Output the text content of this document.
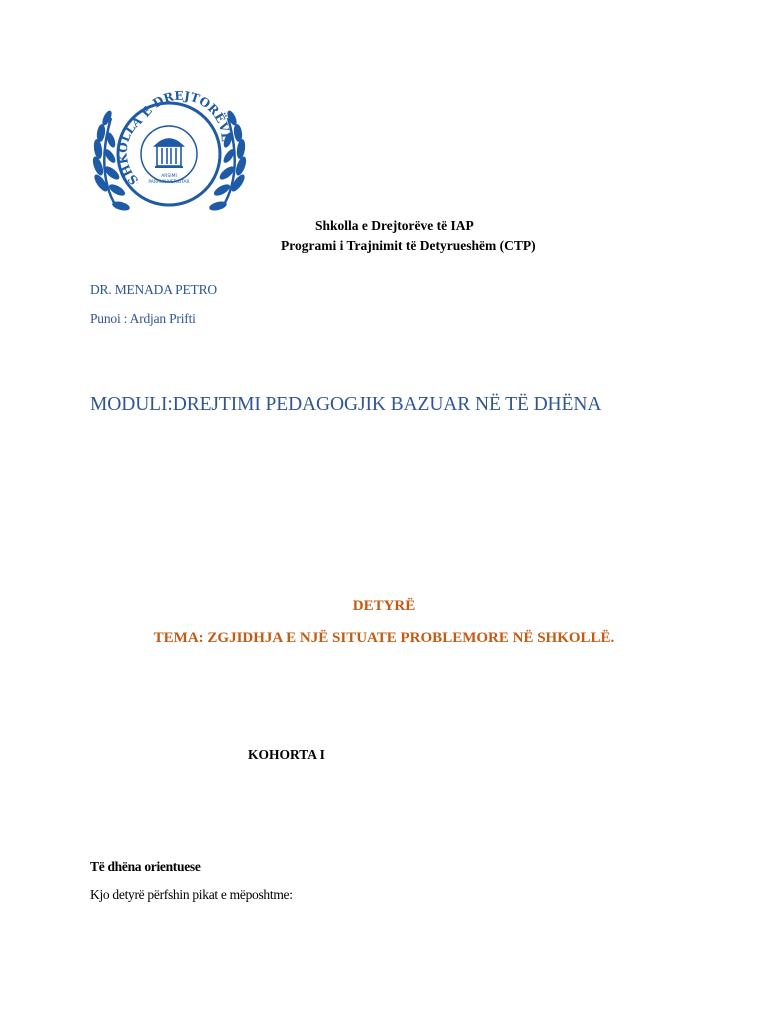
SHKOLLA
E DREJTORËVE
ARSIMI
PARAUNIVERSITAR
Shkolla e Drejtorëve të IAP
Programi i Trajnimit të Detyrueshëm (CTP)
DR. MENADA PETRO
Punoi : Ardjan Prifti
MODULI:DREJTIMI PEDAGOGJIK BAZUAR NË TË DHËNA
DETYRË
TEMA: ZGJIDHJA E NJË SITUATE PROBLEMORE NË SHKOLLË.
KOHORTA I
Të dhëna orientuese
Kjo detyrë përfshin pikat e mëposhtme:
